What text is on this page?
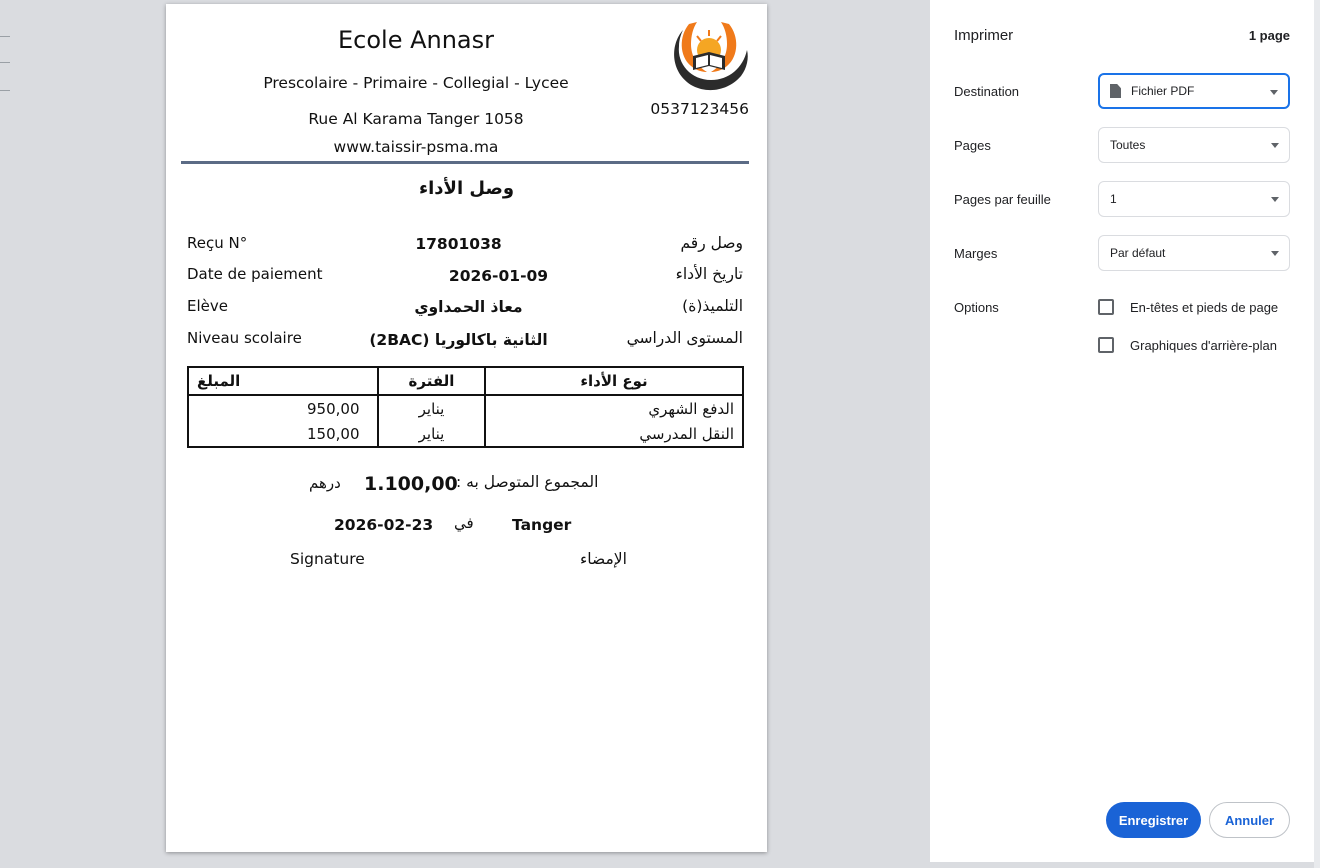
Ecole Annasr
Prescolaire - Primaire - Collegial - Lycee
Rue Al Karama Tanger 1058
www.taissir-psma.ma
0537123456
وصل الأداء
Reçu N°	17801038	وصل رقم
Date de paiement	2026-01-09	تاريخ الأداء
Elève	معاذ الحمداوي	التلميذ(ة)
Niveau scolaire	الثانية باكالوريا (2BAC)	المستوى الدراسي
نوع الأداء	الفترة	المبلغ
الدفع الشهري	يناير	950,00
النقل المدرسي	يناير	150,00
المجموع المتوصل به :
1.100,00
درهم
2026-02-23 في Tanger
Signature	الإمضاء
Imprimer	1 page
Destination	Fichier PDF
Pages	Toutes
Pages par feuille	1
Marges	Par défaut
Options	En-têtes et pieds de page
Graphiques d'arrière-plan
Enregistrer	Annuler
